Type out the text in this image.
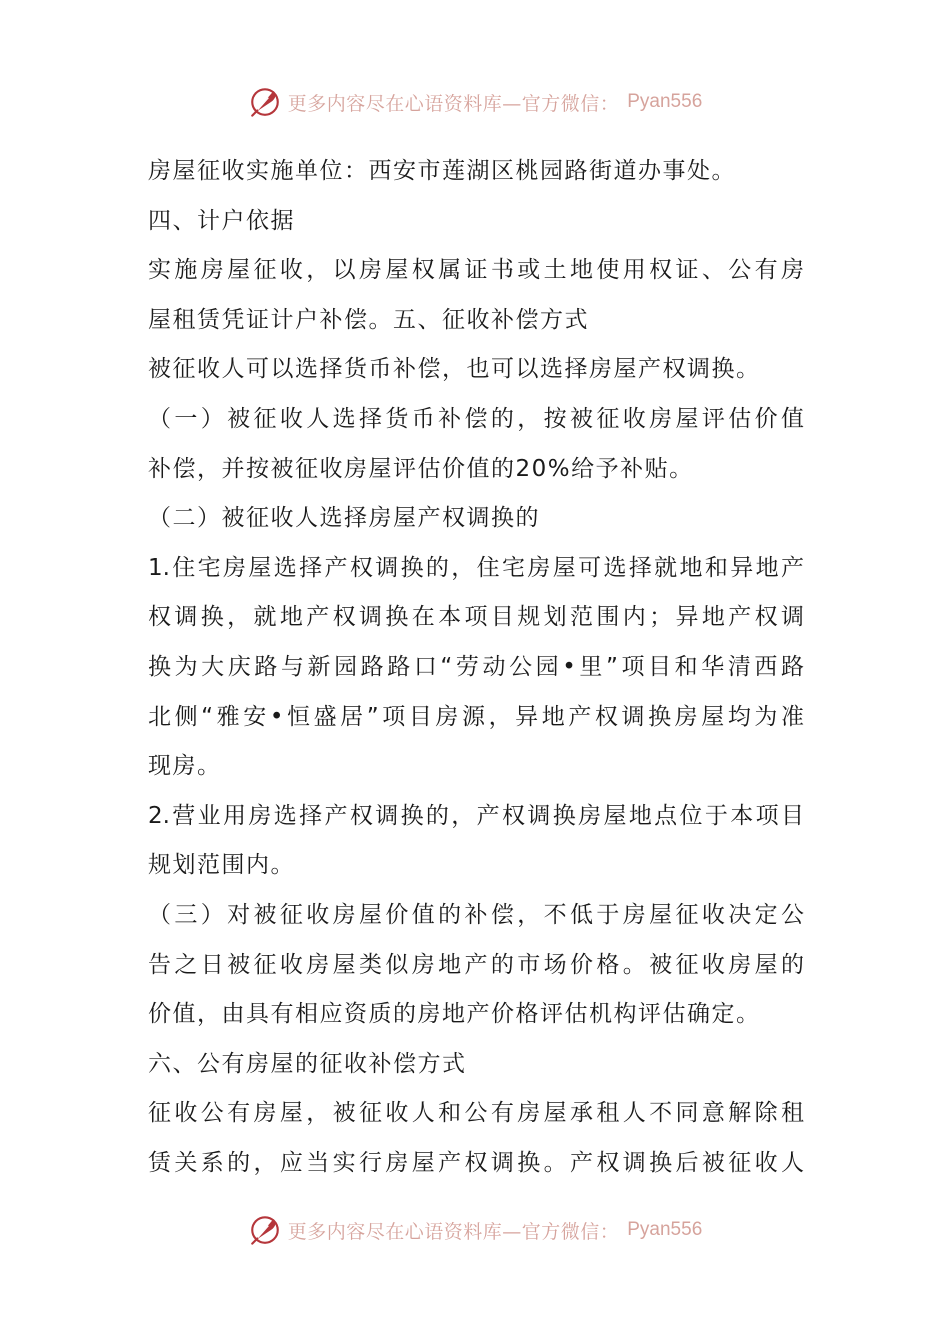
更多内容尽在心语资料库—官方微信： Pyan556
房屋征收实施单位：西安市莲湖区桃园路街道办事处。
四、计户依据
实施房屋征收，以房屋权属证书或土地使用权证、公有房
屋租赁凭证计户补偿。五、征收补偿方式
被征收人可以选择货币补偿，也可以选择房屋产权调换。
（一）被征收人选择货币补偿的，按被征收房屋评估价值
补偿，并按被征收房屋评估价值的20%给予补贴。
（二）被征收人选择房屋产权调换的
1.住宅房屋选择产权调换的，住宅房屋可选择就地和异地产
权调换，就地产权调换在本项目规划范围内；异地产权调
换为大庆路与新园路路口“劳动公园•里”项目和华清西路
北侧“雅安•恒盛居”项目房源，异地产权调换房屋均为准
现房。
2.营业用房选择产权调换的，产权调换房屋地点位于本项目
规划范围内。
（三）对被征收房屋价值的补偿，不低于房屋征收决定公
告之日被征收房屋类似房地产的市场价格。被征收房屋的
价值，由具有相应资质的房地产价格评估机构评估确定。
六、公有房屋的征收补偿方式
征收公有房屋，被征收人和公有房屋承租人不同意解除租
赁关系的，应当实行房屋产权调换。产权调换后被征收人
更多内容尽在心语资料库—官方微信： Pyan556
